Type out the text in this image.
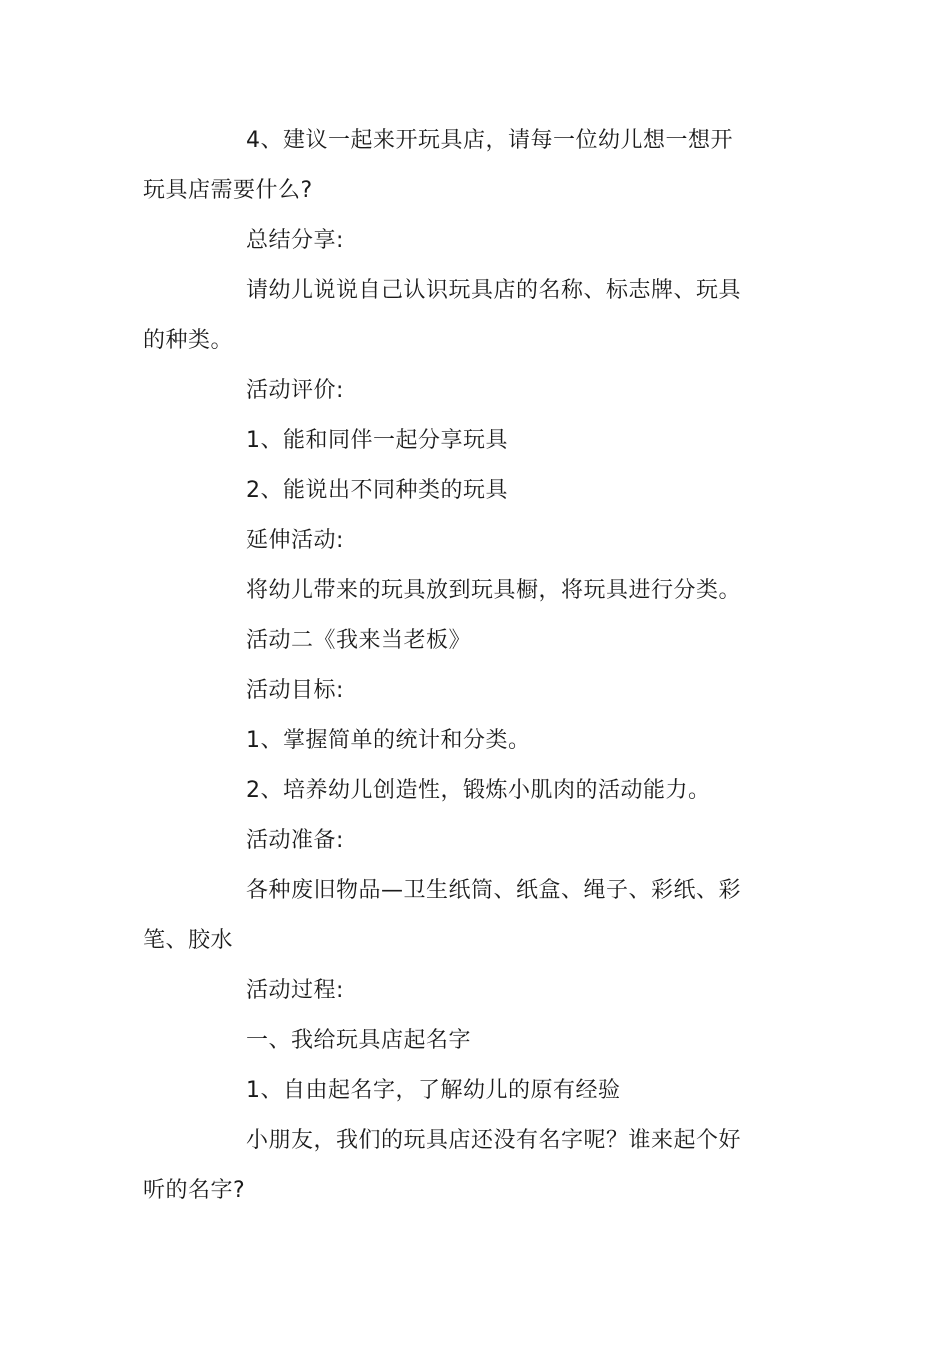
4、建议一起来开玩具店，请每一位幼儿想一想开
玩具店需要什么?
总结分享:
请幼儿说说自己认识玩具店的名称、标志牌、玩具
的种类。
活动评价:
1、能和同伴一起分享玩具
2、能说出不同种类的玩具
延伸活动:
将幼儿带来的玩具放到玩具橱，将玩具进行分类。
活动二《我来当老板》
活动目标:
1、掌握简单的统计和分类。
2、培养幼儿创造性，锻炼小肌肉的活动能力。
活动准备:
各种废旧物品—卫生纸筒、纸盒、绳子、彩纸、彩
笔、胶水
活动过程:
一、我给玩具店起名字
1、自由起名字，了解幼儿的原有经验
小朋友，我们的玩具店还没有名字呢？谁来起个好
听的名字?
